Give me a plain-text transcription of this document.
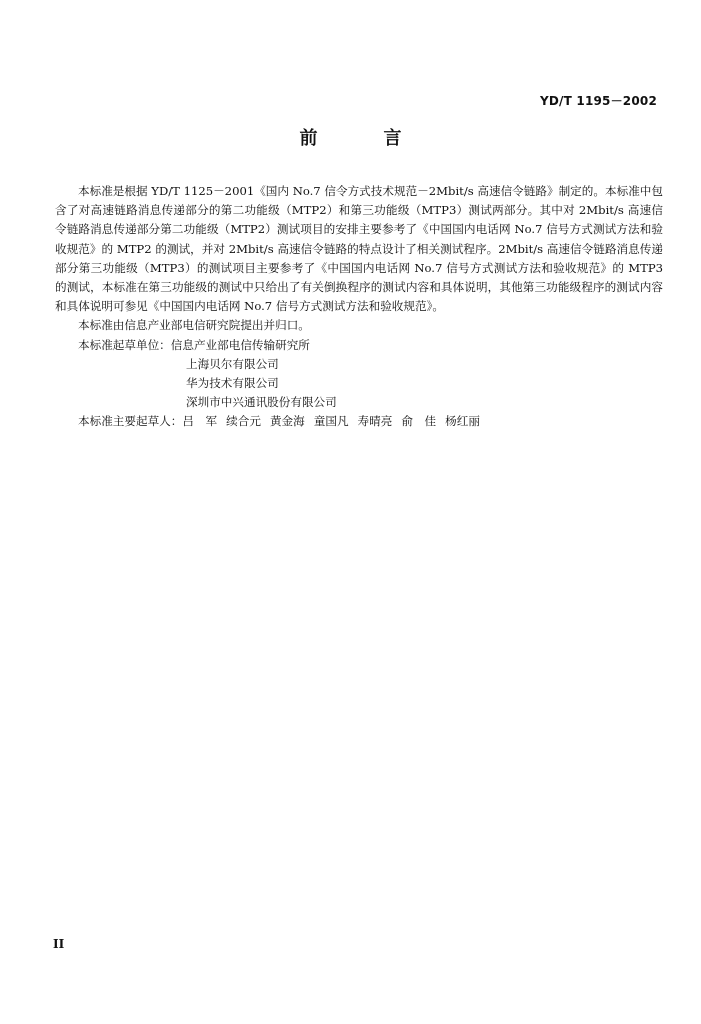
YD/T 1195－2002
前言

本标准是根据 YD/T 1125－2001《国内 No.7 信令方式技术规范－2Mbit/s 高速信令链路》制定的。本标准中包含了对高速链路消息传递部分的第二功能级（MTP2）和第三功能级（MTP3）测试两部分。其中对 2Mbit/s 高速信令链路消息传递部分第二功能级（MTP2）测试项目的安排主要参考了《中国国内电话网 No.7 信号方式测试方法和验收规范》的 MTP2 的测试，并对 2Mbit/s 高速信令链路的特点设计了相关测试程序。2Mbit/s 高速信令链路消息传递部分第三功能级（MTP3）的测试项目主要参考了《中国国内电话网 No.7 信号方式测试方法和验收规范》的 MTP3 的测试，本标准在第三功能级的测试中只给出了有关倒换程序的测试内容和具体说明，其他第三功能级程序的测试内容和具体说明可参见《中国国内电话网 No.7 信号方式测试方法和验收规范》。

本标准由信息产业部电信研究院提出并归口。

本标准起草单位：信息产业部电信传输研究所
上海贝尔有限公司
华为技术有限公司
深圳市中兴通讯股份有限公司
本标准主要起草人：吕　军 续合元 黄金海 童国凡 寿晴亮 俞　佳 杨红丽
II
